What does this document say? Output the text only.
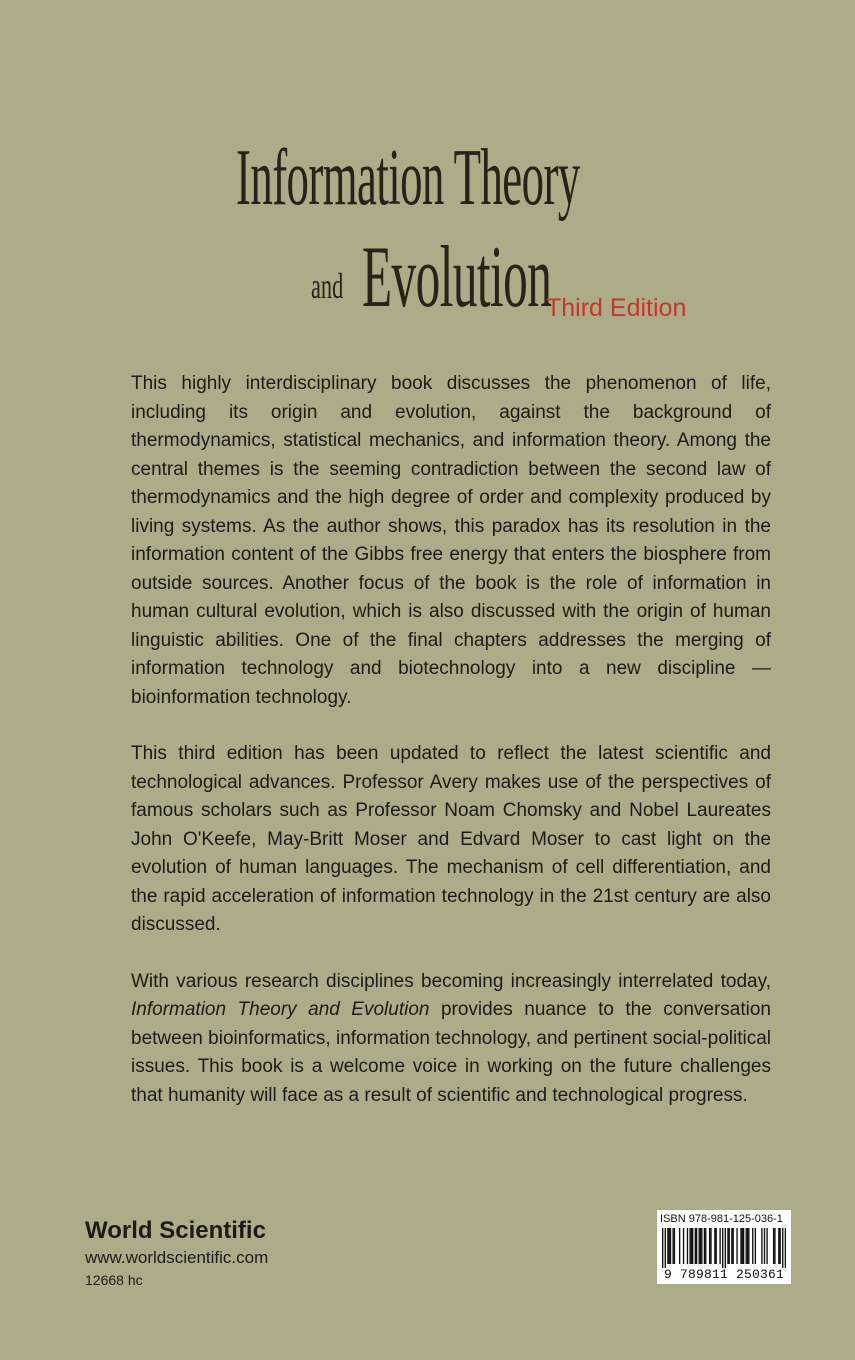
Information Theory
and Evolution
Third Edition

This highly interdisciplinary book discusses the phenomenon of life, including its origin and evolution, against the background of thermodynamics, statistical mechanics, and information theory. Among the central themes is the seeming contradiction between the second law of thermodynamics and the high degree of order and complexity produced by living systems. As the author shows, this paradox has its resolution in the information content of the Gibbs free energy that enters the biosphere from outside sources. Another focus of the book is the role of information in human cultural evolution, which is also discussed with the origin of human linguistic abilities. One of the final chapters addresses the merging of information technology and biotechnology into a new discipline — bioinformation technology.

This third edition has been updated to reflect the latest scientific and technological advances. Professor Avery makes use of the perspectives of famous scholars such as Professor Noam Chomsky and Nobel Laureates John O'Keefe, May-Britt Moser and Edvard Moser to cast light on the evolution of human languages. The mechanism of cell differentiation, and the rapid acceleration of information technology in the 21st century are also discussed.

With various research disciplines becoming increasingly interrelated today, Information Theory and Evolution provides nuance to the conversation between bioinformatics, information technology, and pertinent social-political issues. This book is a welcome voice in working on the future challenges that humanity will face as a result of scientific and technological progress.

World Scientific
www.worldscientific.com
12668 hc
ISBN 978-981-125-036-1
9 789811 250361
